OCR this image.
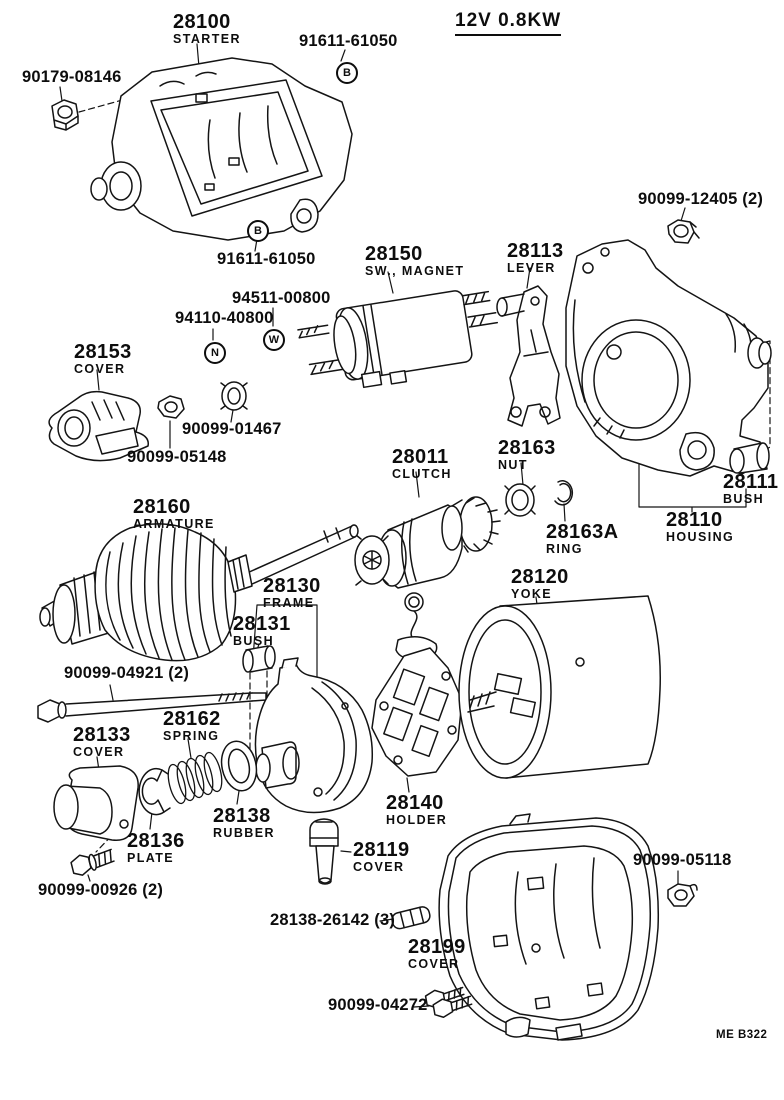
12V 0.8KW
ME B322
B
B
N
W
28100
STARTER
28150
SW., MAGNET
28113
LEVER
28153
COVER
28011
CLUTCH
28163
NUT
28163A
RING
28111
BUSH
28110
HOUSING
28160
ARMATURE
28130
FRAME
28131
BUSH
28120
YOKE
28133
COVER
28162
SPRING
28136
PLATE
28138
RUBBER
28140
HOLDER
28119
COVER
28199
COVER
91611-61050
90179-08146
91611-61050
90099-12405 (2)
94511-00800
94110-40800
90099-01467
90099-05148
90099-04921 (2)
90099-00926 (2)
28138-26142 (3)
90099-05118
90099-04272
